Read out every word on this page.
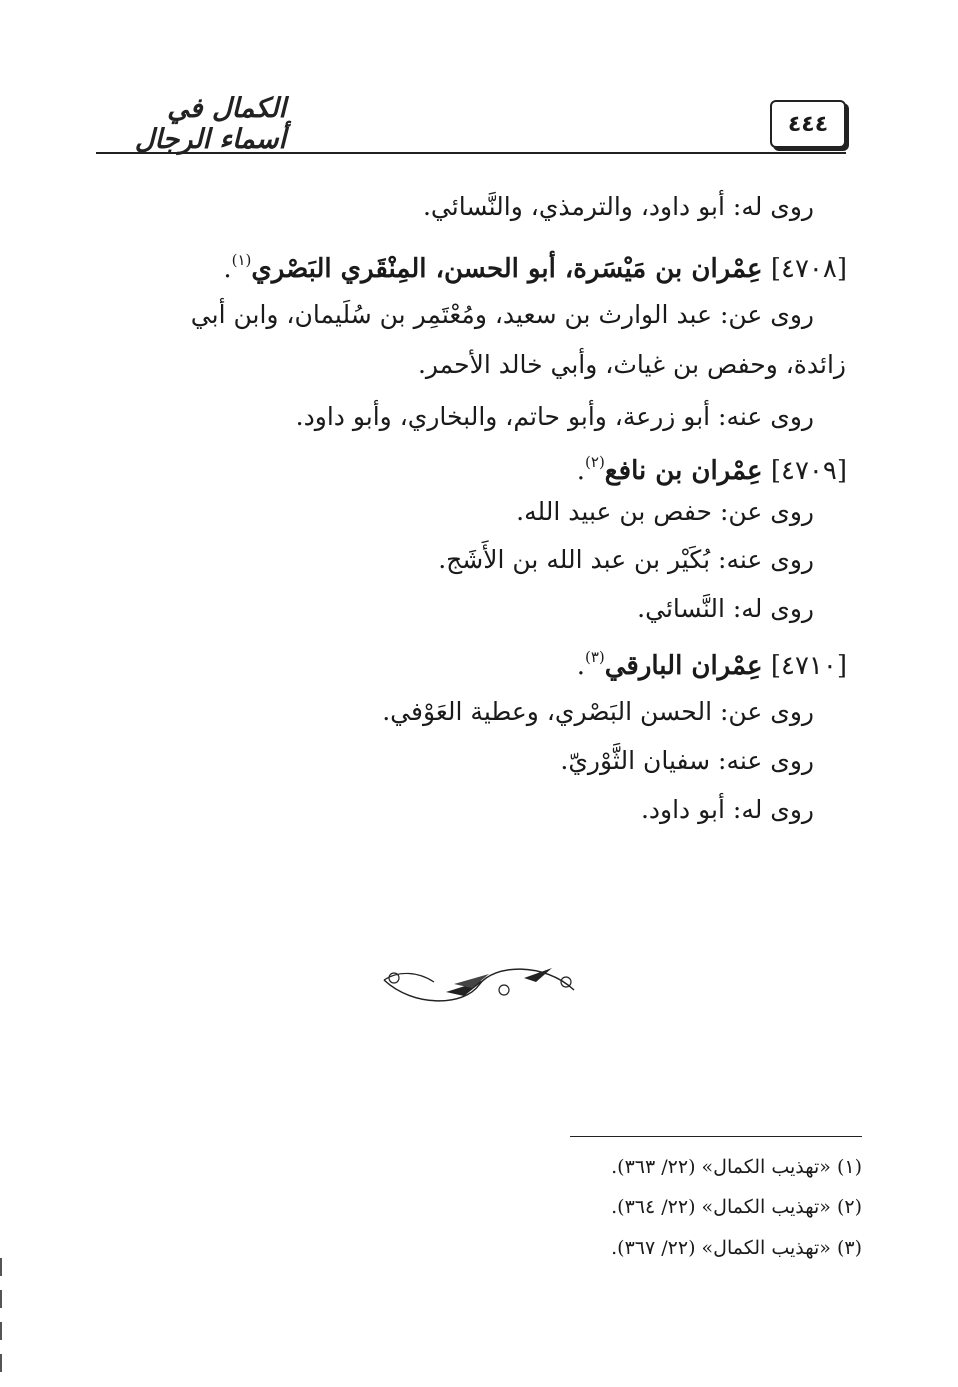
٤٤٤
الكمال في أسماء الرجال
روى له: أبو داود، والترمذي، والنَّسائي.
[٤٧٠٨] عِمْران بن مَيْسَرة، أبو الحسن، المِنْقَري البَصْري$^{(١)}$.
روى عن: عبد الوارث بن سعيد، ومُعْتَمِر بن سُلَيمان، وابن أبي
زائدة، وحفص بن غياث، وأبي خالد الأحمر.
روى عنه: أبو زرعة، وأبو حاتم، والبخاري، وأبو داود.
[٤٧٠٩] عِمْران بن نافع$^{(٢)}$.
روى عن: حفص بن عبيد الله.
روى عنه: بُكَيْر بن عبد الله بن الأَشَج.
روى له: النَّسائي.
[٤٧١٠] عِمْران البارقي$^{(٣)}$.
روى عن: الحسن البَصْري، وعطية العَوْفي.
روى عنه: سفيان الثَّوْريّ.
روى له: أبو داود.
(١) «تهذيب الكمال» (٢٢/ ٣٦٣).
(٢) «تهذيب الكمال» (٢٢/ ٣٦٤).
(٣) «تهذيب الكمال» (٢٢/ ٣٦٧).
